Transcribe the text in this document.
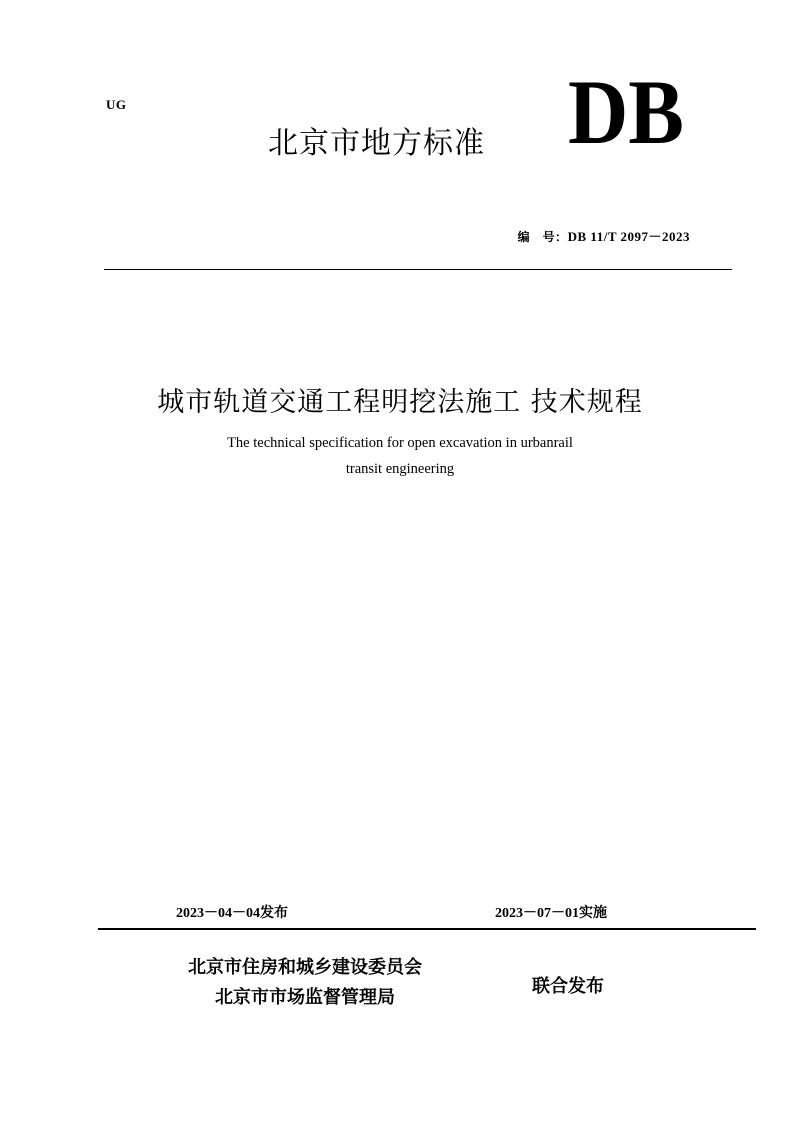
UG
北京市地方标准 DB
编　号：DB 11/T 2097－2023
城市轨道交通工程明挖法施工 技术规程
The technical specification for open excavation in urbanrail
transit engineering
2023－04－04发布	2023－07－01实施
北京市住房和城乡建设委员会
北京市市场监督管理局
联合发布
